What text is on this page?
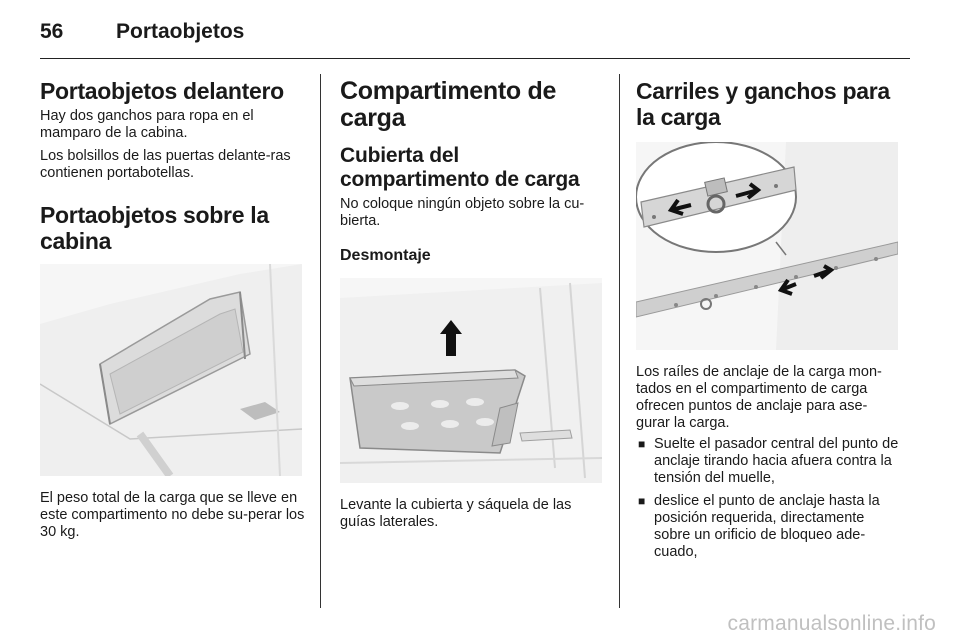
56	Portaobjetos
Portaobjetos delantero

Hay dos ganchos para ropa en el mamparo de la cabina.

Los bolsillos de las puertas delante-ras contienen portabotellas.

Portaobjetos sobre la cabina

El peso total de la carga que se lleve en este compartimento no debe su-perar los 30 kg.

Compartimento de carga
Cubierta del compartimento de carga

No coloque ningún objeto sobre la cu-bierta.

Desmontaje

Levante la cubierta y sáquela de las guías laterales.

Carriles y ganchos para la carga

Los raíles de anclaje de la carga mon-tados en el compartimento de carga ofrecen puntos de anclaje para ase-gurar la carga.

■ Suelte el pasador central del punto de anclaje tirando hacia afuera contra la tensión del muelle,
■ deslice el punto de anclaje hasta la posición requerida, directamente sobre un orificio de bloqueo ade-cuado,
carmanualsonline.info
